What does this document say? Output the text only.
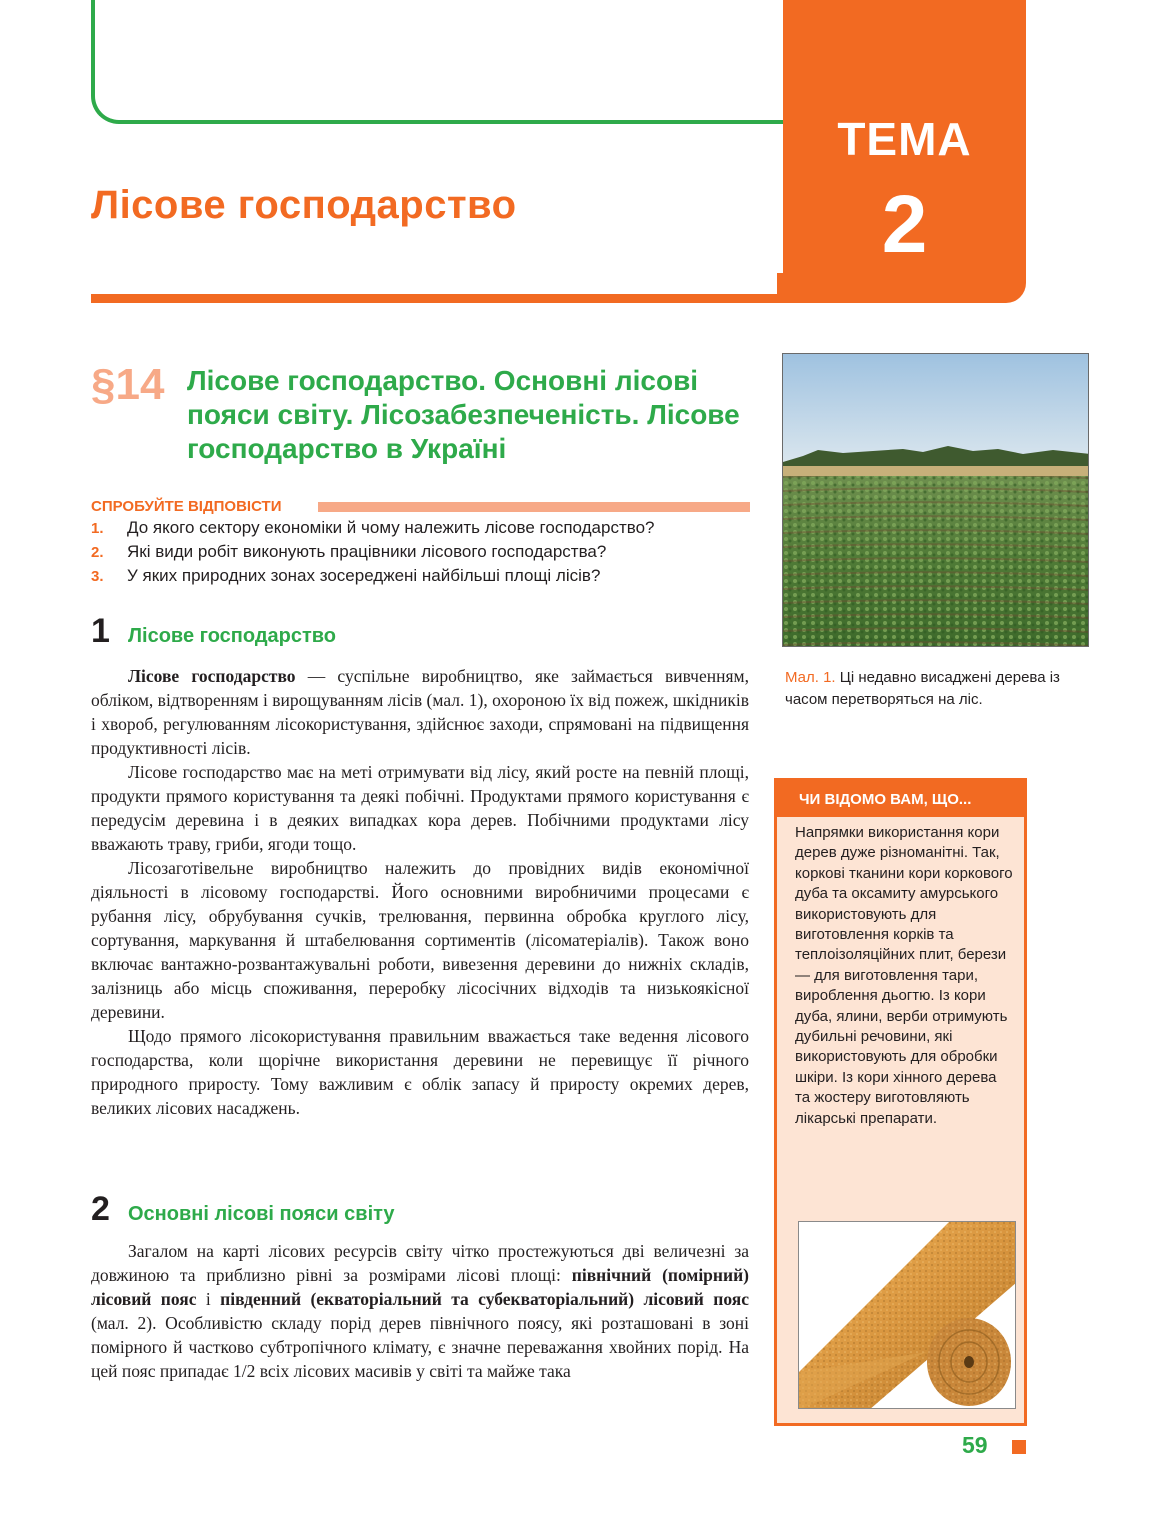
ТЕМА
2
Лісове господарство
§14 Лісове господарство. Основні лісові пояси світу. Лісозабезпеченість. Лісове господарство в Україні
СПРОБУЙТЕ ВІДПОВІСТИ
1.	До якого сектору економіки й чому належить лісове господарство?
2.	Які види робіт виконують працівники лісового господарства?
3.	У яких природних зонах зосереджені найбільші площі лісів?
1 Лісове господарство

Лісове господарство — суспільне виробництво, яке займається вивченням, обліком, відтворенням і вирощуванням лісів (мал. 1), охороною їх від пожеж, шкідників і хвороб, регулюванням лісокористування, здійснює заходи, спрямовані на підвищення продуктивності лісів.

Лісове господарство має на меті отримувати від лісу, який росте на певній площі, продукти прямого користування та деякі побічні. Продуктами прямого користування є передусім деревина і в деяких випадках кора дерев. Побічними продуктами лісу вважають траву, гриби, ягоди тощо.

Лісозаготівельне виробництво належить до провідних видів економічної діяльності в лісовому господарстві. Його основними виробничими процесами є рубання лісу, обрубування сучків, трелювання, первинна обробка круглого лісу, сортування, маркування й штабелювання сортиментів (лісоматеріалів). Також воно включає вантажно-розвантажувальні роботи, вивезення деревини до нижніх складів, залізниць або місць споживання, переробку лісосічних відходів та низькоякісної деревини.

Щодо прямого лісокористування правильним вважається таке ведення лісового господарства, коли щорічне використання деревини не перевищує її річного природного приросту. Тому важливим є облік запасу й приросту окремих дерев, великих лісових насаджень.

2 Основні лісові пояси світу

Загалом на карті лісових ресурсів світу чітко простежуються дві величезні за довжиною та приблизно рівні за розмірами лісові площі: північний (помірний) лісовий пояс і південний (екваторіальний та субекваторіальний) лісовий пояс (мал. 2). Особливістю складу порід дерев північного поясу, які розташовані в зоні помірного й частково субтропічного клімату, є значне переважання хвойних порід. На цей пояс припадає 1/2 всіх лісових масивів у світі та майже така

Мал. 1. Ці недавно висаджені дерева із часом перетворяться на ліс.
ЧИ ВІДОМО ВАМ, ЩО...
Напрямки використання кори дерев дуже різноманітні. Так, коркові тканини кори коркового дуба та оксамиту амурського використовують для виготовлення корків та теплоізоляційних плит, берези — для виготовлення тари, вироблення дьогтю. Із кори дуба, ялини, верби отримують дубильні речовини, які використовують для обробки шкіри. Із кори хінного дерева та жостеру виготовляють лікарські препарати.
59
